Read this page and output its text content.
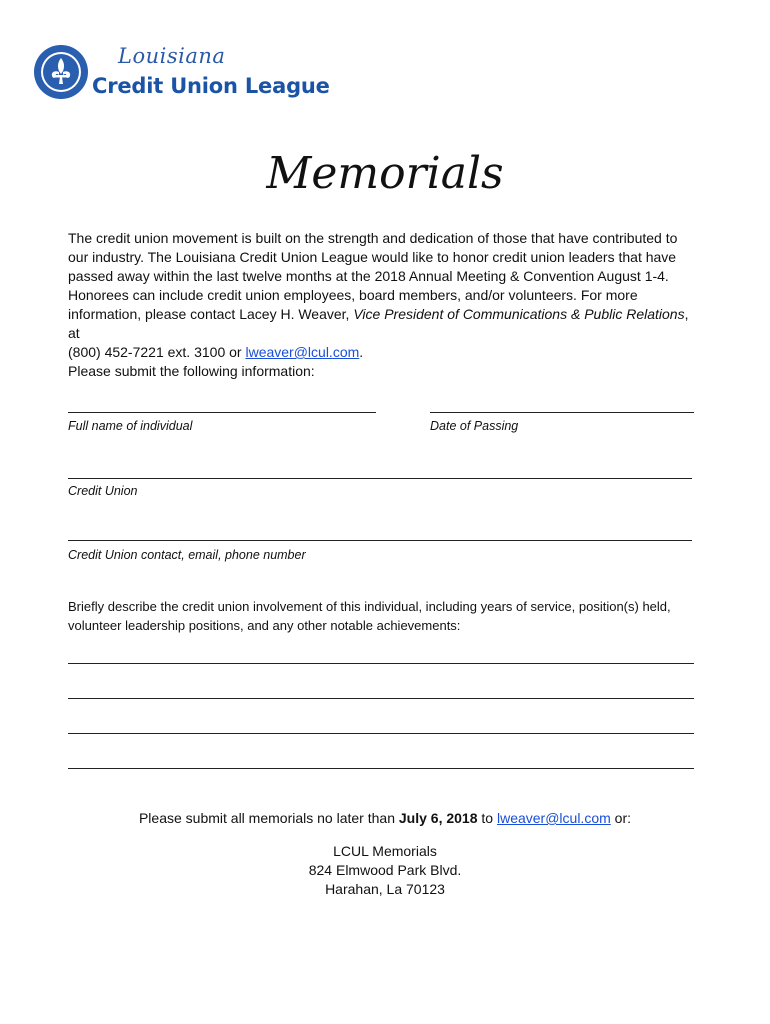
Louisiana
Credit Union League
Memorials
The credit union movement is built on the strength and dedication of those that have contributed to
our industry. The Louisiana Credit Union League would like to honor credit union leaders that have
passed away within the last twelve months at the 2018 Annual Meeting & Convention August 1-4.
Honorees can include credit union employees, board members, and/or volunteers. For more
information, please contact Lacey H. Weaver, Vice President of Communications & Public Relations, at
(800) 452-7221 ext. 3100 or lweaver@lcul.com.
Please submit the following information:
Full name of individual	Date of Passing
Credit Union
Credit Union contact, email, phone number
Briefly describe the credit union involvement of this individual, including years of service, position(s) held,
volunteer leadership positions, and any other notable achievements:
Please submit all memorials no later than July 6, 2018 to lweaver@lcul.com or:
LCUL Memorials
824 Elmwood Park Blvd.
Harahan, La 70123
